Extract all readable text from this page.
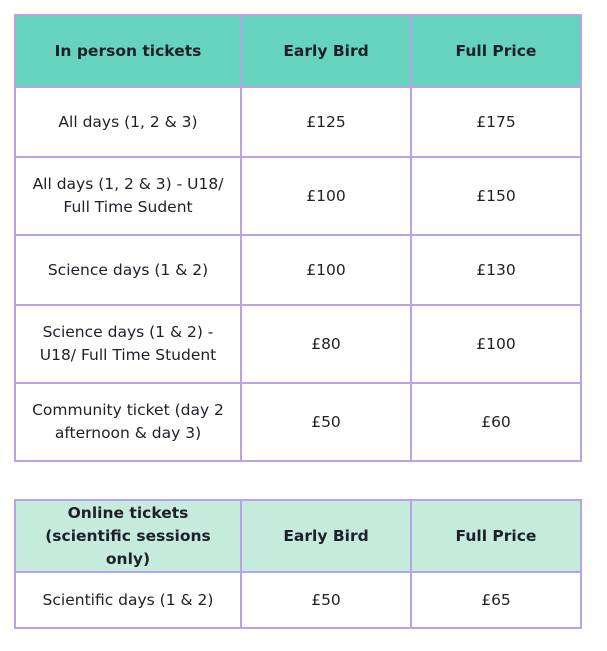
In person tickets	Early Bird	Full Price
All days (1, 2 & 3)	£125	£175
All days (1, 2 & 3) - U18/ Full Time Sudent	£100	£150
Science days (1 & 2)	£100	£130
Science days (1 & 2) - U18/ Full Time Student	£80	£100
Community ticket (day 2 afternoon & day 3)	£50	£60
Online tickets (scientific sessions only)	Early Bird	Full Price
Scientific days (1 & 2)	£50	£65
